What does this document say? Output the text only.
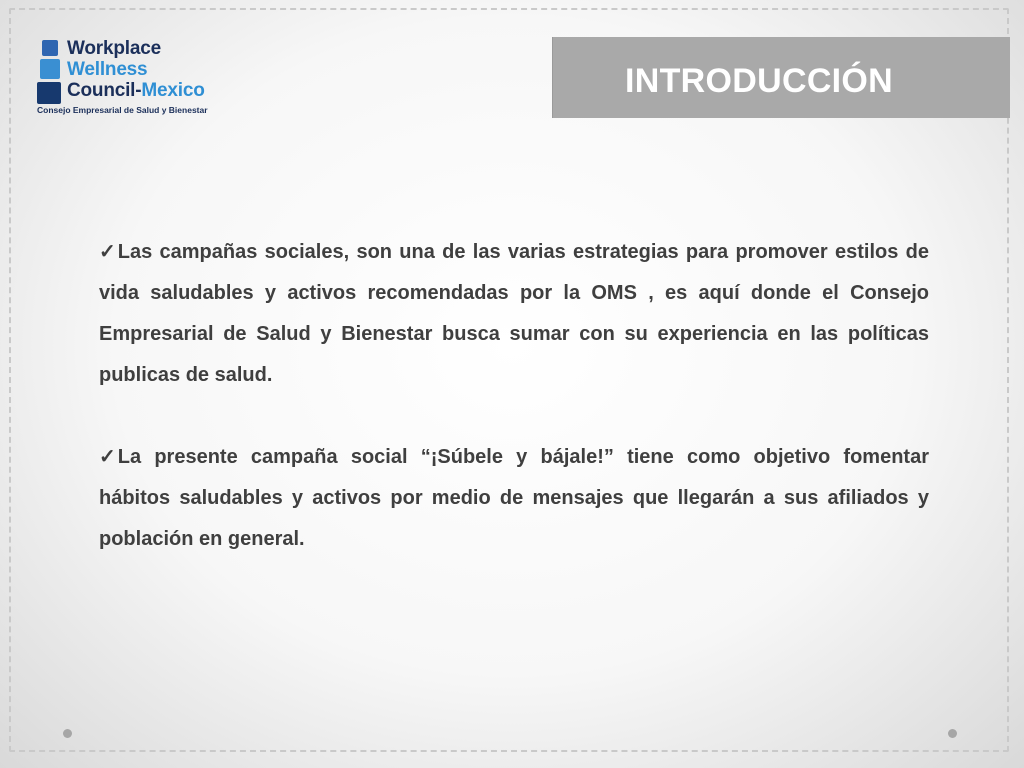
Workplace
Wellness
Council-Mexico
Consejo Empresarial de Salud y Bienestar
INTRODUCCIÓN

✓ Las campañas sociales, son una de las varias estrategias para promover estilos de vida saludables y activos recomendadas por la OMS , es aquí donde el Consejo Empresarial de Salud y Bienestar busca sumar con su experiencia en las políticas publicas de salud.

✓ La presente campaña social “¡Súbele y bájale!” tiene como objetivo fomentar hábitos saludables y activos por medio de mensajes que llegarán a sus afiliados y población en general.
